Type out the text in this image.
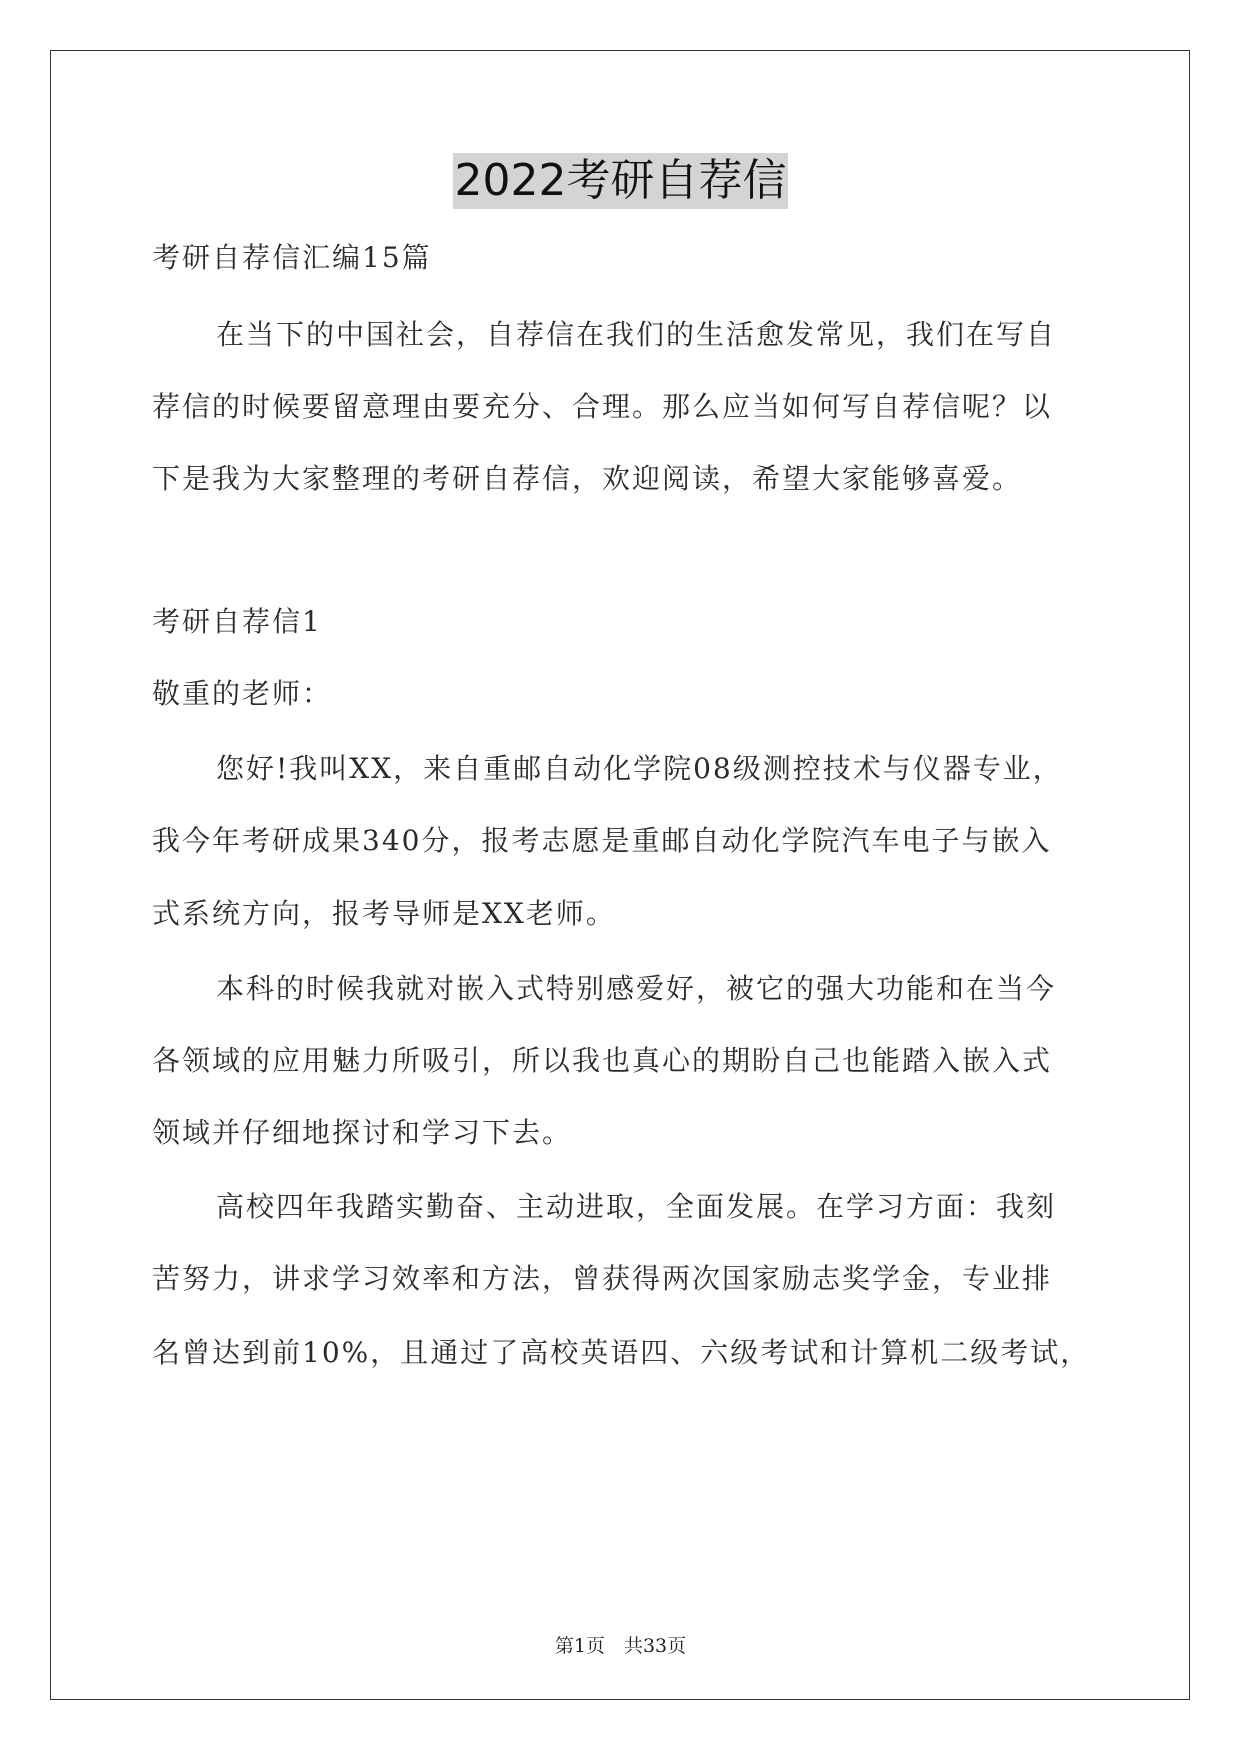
2022考研自荐信
考研自荐信汇编15篇
在当下的中国社会，自荐信在我们的生活愈发常见，我们在写自
荐信的时候要留意理由要充分、合理。那么应当如何写自荐信呢？以
下是我为大家整理的考研自荐信，欢迎阅读，希望大家能够喜爱。
考研自荐信1
敬重的老师：
您好!我叫XX，来自重邮自动化学院08级测控技术与仪器专业，
我今年考研成果340分，报考志愿是重邮自动化学院汽车电子与嵌入
式系统方向，报考导师是XX老师。
本科的时候我就对嵌入式特别感爱好，被它的强大功能和在当今
各领域的应用魅力所吸引，所以我也真心的期盼自己也能踏入嵌入式
领域并仔细地探讨和学习下去。
高校四年我踏实勤奋、主动进取，全面发展。在学习方面：我刻
苦努力，讲求学习效率和方法，曾获得两次国家励志奖学金，专业排
名曾达到前10%，且通过了高校英语四、六级考试和计算机二级考试，
第1页　共33页
